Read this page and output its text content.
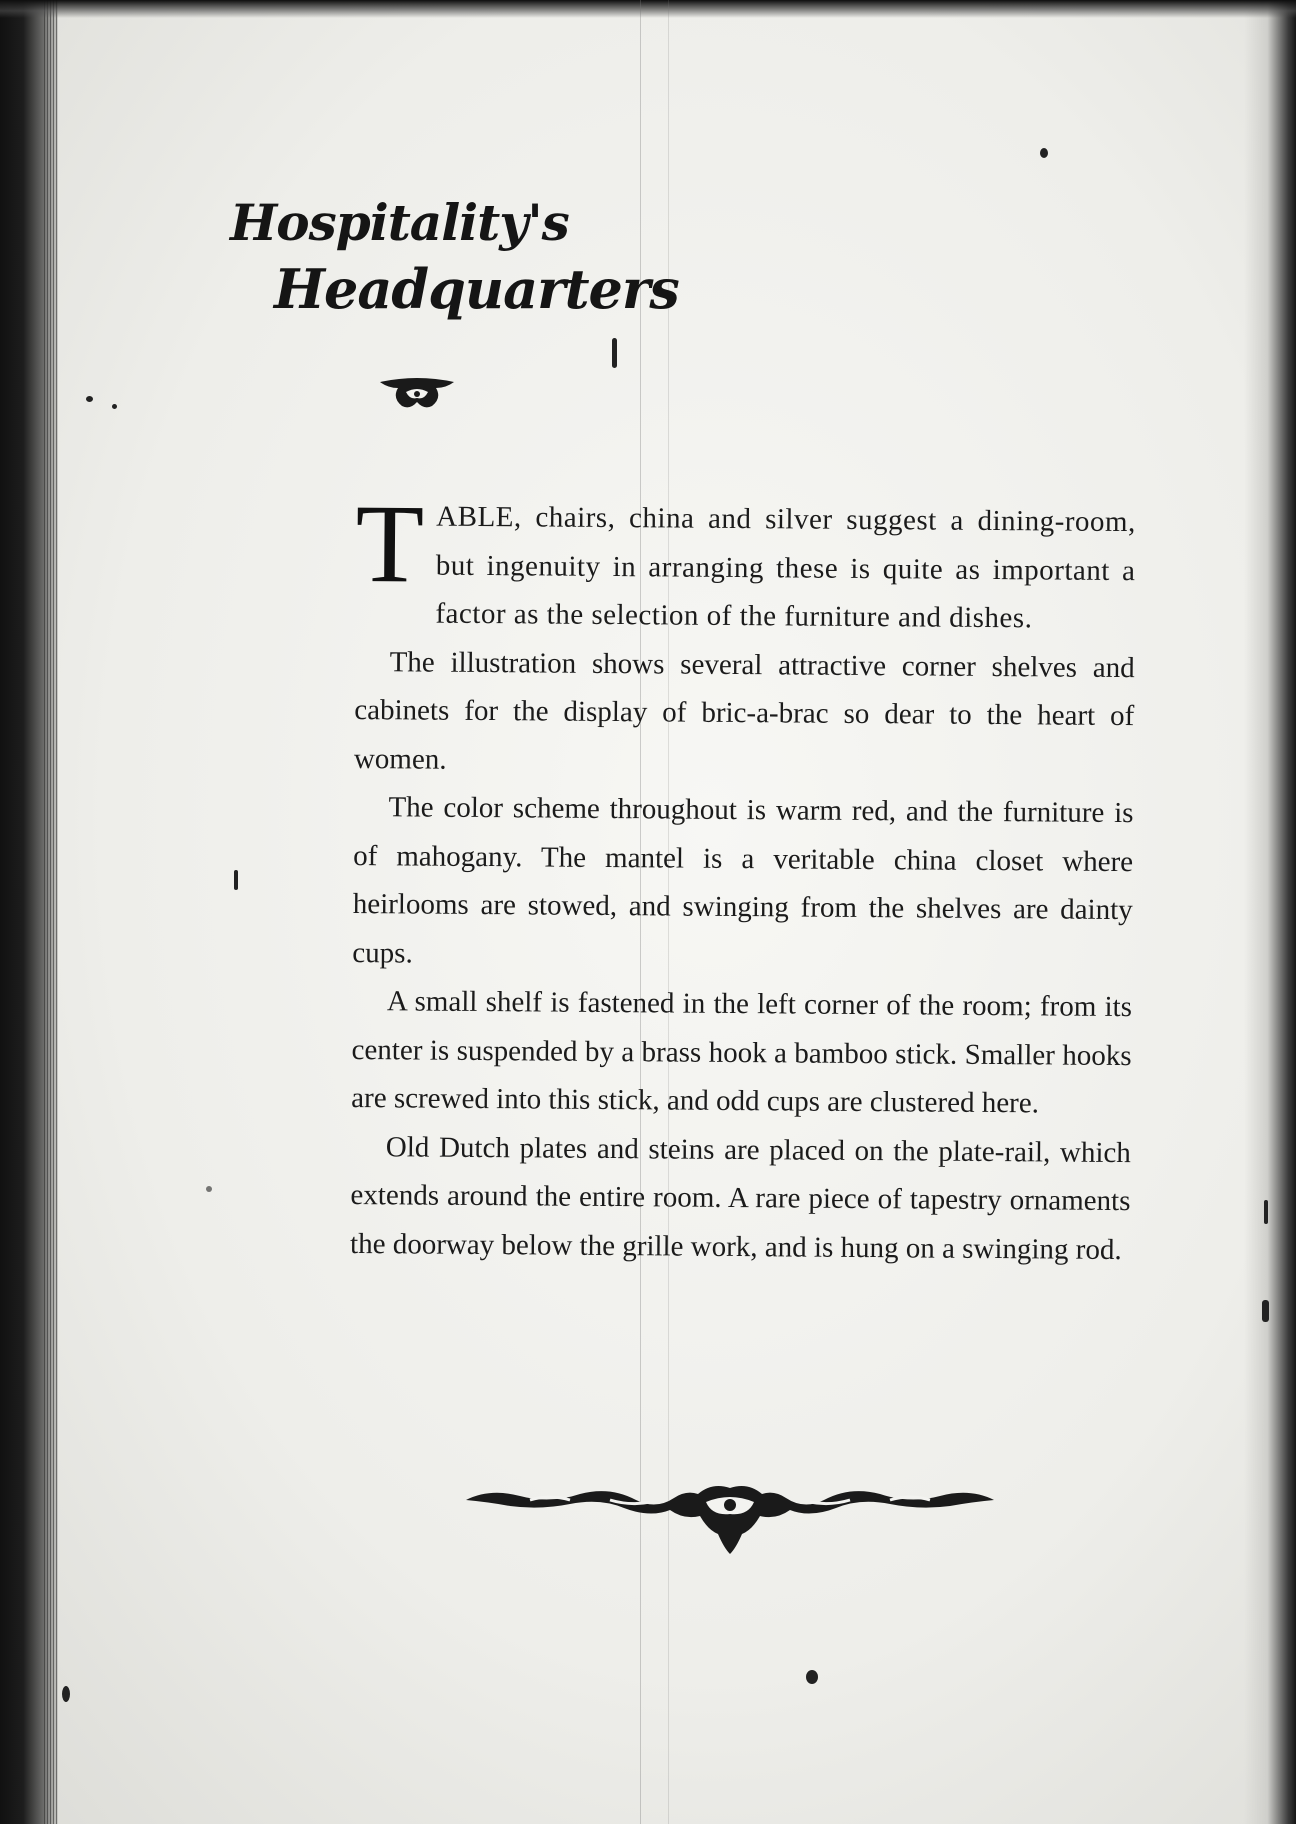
Hospitality's
Headquarters

TABLE, chairs, china and silver suggest a dining-room, but ingenuity in arranging these is quite as important a factor as the selection of the furniture and dishes.

The illustration shows several attractive corner shelves and cabinets for the display of bric-a-brac so dear to the heart of women.

The color scheme throughout is warm red, and the furniture is of mahogany. The mantel is a veritable china closet where heirlooms are stowed, and swinging from the shelves are dainty cups.

A small shelf is fastened in the left corner of the room; from its center is suspended by a brass hook a bamboo stick. Smaller hooks are screwed into this stick, and odd cups are clustered here.

Old Dutch plates and steins are placed on the plate-rail, which extends around the entire room. A rare piece of tapestry ornaments the doorway below the grille work, and is hung on a swinging rod.
